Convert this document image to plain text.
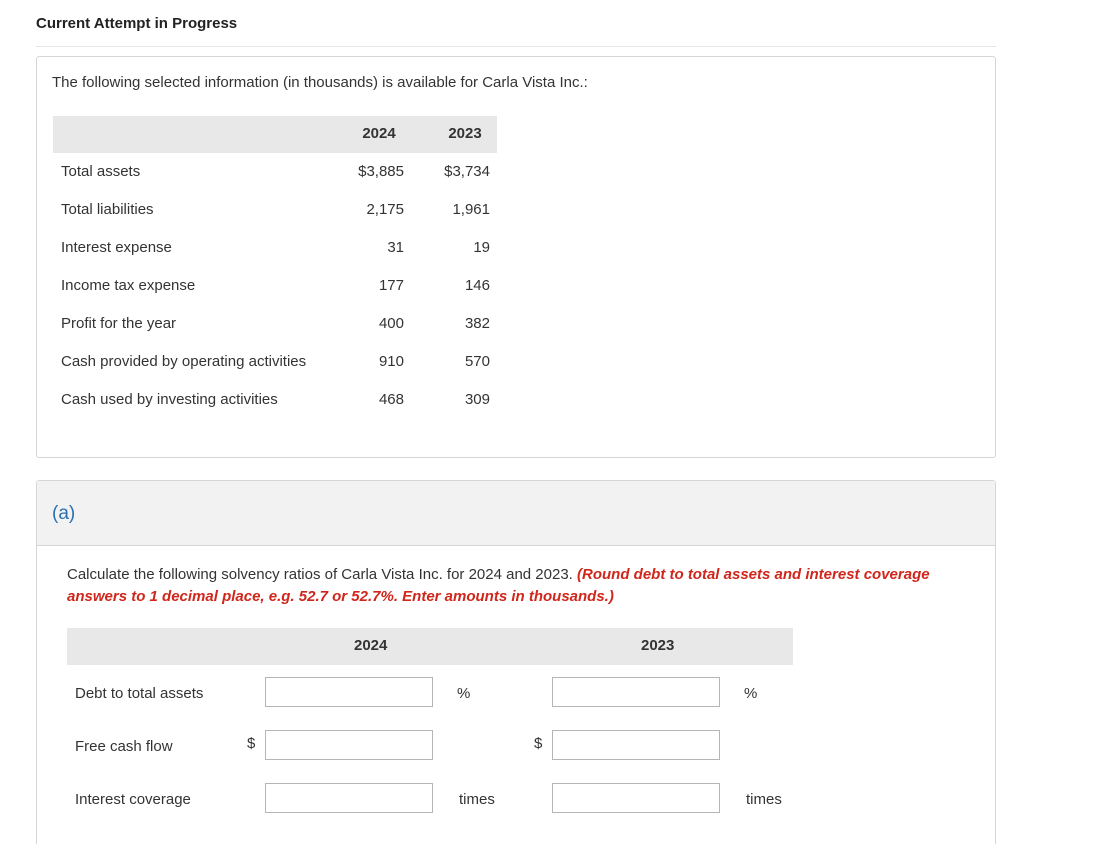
Current Attempt in Progress
The following selected information (in thousands) is available for Carla Vista Inc.:
2024	2023
Total assets	$3,885	$3,734
Total liabilities	2,175	1,961
Interest expense	31	19
Income tax expense	177	146
Profit for the year	400	382
Cash provided by operating activities	910	570
Cash used by investing activities	468	309
(a)
Calculate the following solvency ratios of Carla Vista Inc. for 2024 and 2023. (Round debt to total assets and interest coverage answers to 1 decimal place, e.g. 52.7 or 52.7%. Enter amounts in thousands.)
2024	2023
Debt to total assets	%	%
Free cash flow	$	$
Interest coverage	times	times
